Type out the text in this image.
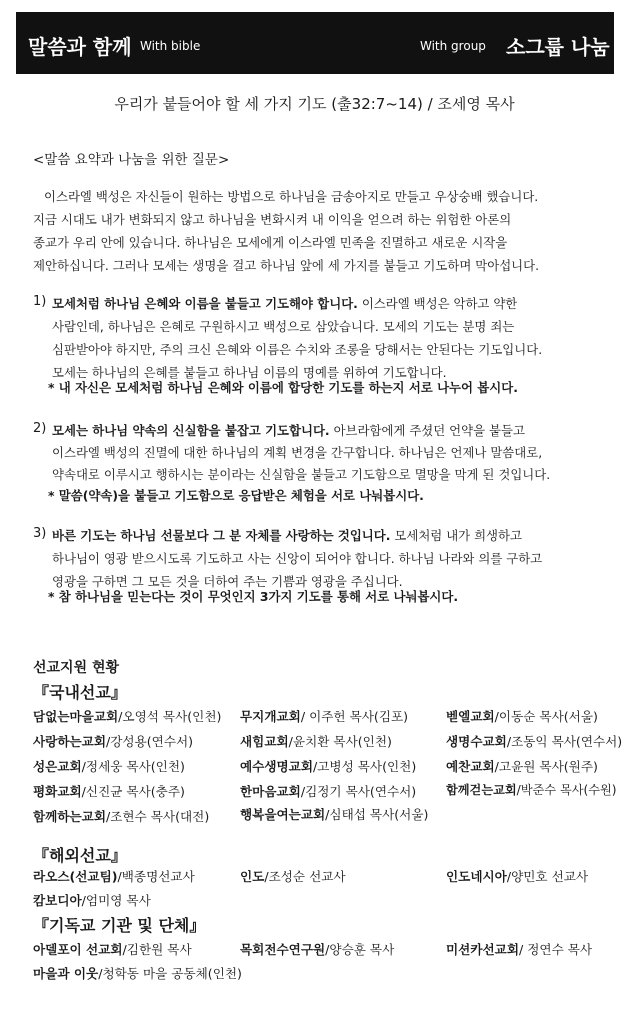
말씀과 함께 With bible	With group 소그룹 나눔
우리가 붙들어야 할 세 가지 기도 (출32:7~14) / 조세영 목사
<말씀 요약과 나눔을 위한 질문>
이스라엘 백성은 자신들이 원하는 방법으로 하나님을 금송아지로 만들고 우상숭배 했습니다.
지금 시대도 내가 변화되지 않고 하나님을 변화시켜 내 이익을 얻으려 하는 위험한 아론의
종교가 우리 안에 있습니다. 하나님은 모세에게 이스라엘 민족을 진멸하고 새로운 시작을
제안하십니다. 그러나 모세는 생명을 걸고 하나님 앞에 세 가지를 붙들고 기도하며 막아섭니다.
1) 모세처럼 하나님 은혜와 이름을 붙들고 기도해야 합니다. 이스라엘 백성은 악하고 약한
사람인데, 하나님은 은혜로 구원하시고 백성으로 삼았습니다. 모세의 기도는 분명 죄는
심판받아야 하지만, 주의 크신 은혜와 이름은 수치와 조롱을 당해서는 안된다는 기도입니다.
모세는 하나님의 은혜를 붙들고 하나님 이름의 명예를 위하여 기도합니다.
* 내 자신은 모세처럼 하나님 은혜와 이름에 합당한 기도를 하는지 서로 나누어 봅시다.
2) 모세는 하나님 약속의 신실함을 붙잡고 기도합니다. 아브라함에게 주셨던 언약을 붙들고
이스라엘 백성의 진멸에 대한 하나님의 계획 변경을 간구합니다. 하나님은 언제나 말씀대로,
약속대로 이루시고 행하시는 분이라는 신실함을 붙들고 기도함으로 멸망을 막게 된 것입니다.
* 말씀(약속)을 붙들고 기도함으로 응답받은 체험을 서로 나눠봅시다.
3) 바른 기도는 하나님 선물보다 그 분 자체를 사랑하는 것입니다. 모세처럼 내가 희생하고
하나님이 영광 받으시도록 기도하고 사는 신앙이 되어야 합니다. 하나님 나라와 의를 구하고
영광을 구하면 그 모든 것을 더하여 주는 기쁨과 영광을 주십니다.
* 참 하나님을 믿는다는 것이 무엇인지 3가지 기도를 통해 서로 나눠봅시다.
선교지원 현황
『국내선교』
담없는마을교회/오영석 목사(인천) 무지개교회/ 이주헌 목사(김포)	벧엘교회/이동순 목사(서울)
사랑하는교회/강성용(연수서)	새힘교회/윤치환 목사(인천)	생명수교회/조동익 목사(연수서)
성은교회/정세웅 목사(인천)	예수생명교회/고병성 목사(인천) 예찬교회/고윤원 목사(원주)
평화교회/신진균 목사(충주)	한마음교회/김정기 목사(연수서) 함께걷는교회/박준수 목사(수원)
함께하는교회/조현수 목사(대전) 행복을여는교회/심태섭 목사(서울)
『해외선교』
라오스(선교팀)/백종명선교사	인도/조성순 선교사	인도네시아/양민호 선교사
캄보디아/엄미영 목사
『기독교 기관 및 단체』
아델포이 선교회/김한원 목사	목회전수연구원/양승훈 목사	미션카선교회/ 정연수 목사
마을과 이웃/청학동 마을 공동체(인천)
